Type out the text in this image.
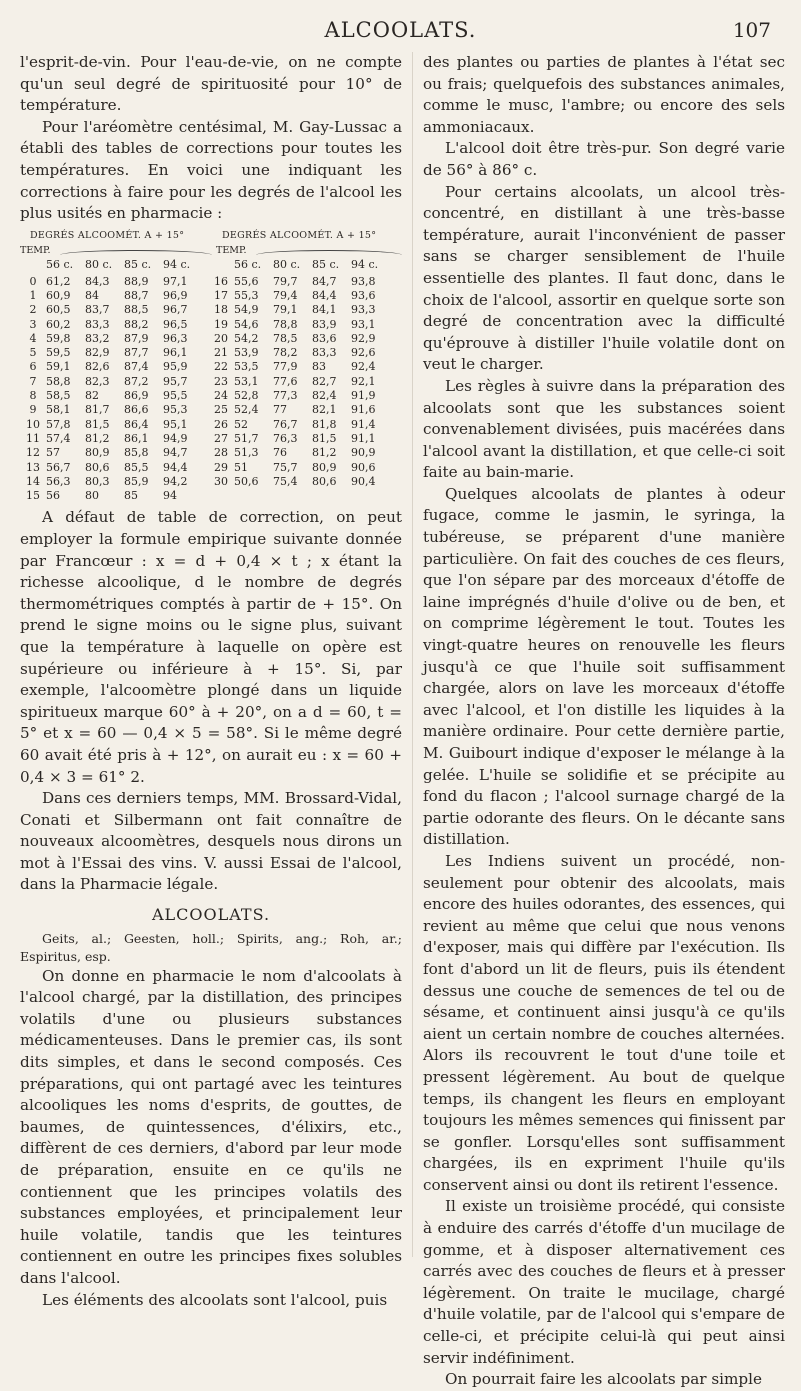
ALCOOLATS.	107

l'esprit-de-vin. Pour l'eau-de-vie, on ne compte qu'un seul degré de spirituosité pour 10° de température.

Pour l'aréomètre centésimal, M. Gay-Lussac a établi des tables de corrections pour toutes les températures. En voici une indiquant les corrections à faire pour les degrés de l'alcool les plus usités en pharmacie :

DEGRÉS ALCOOMÉT. A + 15°	DEGRÉS ALCOOMÉT. A + 15°
TEMP.	TEMP.
	56 c.	80 c.	85 c.	94 c.			56 c.	80 c.	85 c.	94 c.
0	61,2	84,3	88,9	97,1		16	55,6	79,7	84,7	93,8
1	60,9	84	88,7	96,9		17	55,3	79,4	84,4	93,6
2	60,5	83,7	88,5	96,7		18	54,9	79,1	84,1	93,3
3	60,2	83,3	88,2	96,5		19	54,6	78,8	83,9	93,1
4	59,8	83,2	87,9	96,3		20	54,2	78,5	83,6	92,9
5	59,5	82,9	87,7	96,1		21	53,9	78,2	83,3	92,6
6	59,1	82,6	87,4	95,9		22	53,5	77,9	83	92,4
7	58,8	82,3	87,2	95,7		23	53,1	77,6	82,7	92,1
8	58,5	82	86,9	95,5		24	52,8	77,3	82,4	91,9
9	58,1	81,7	86,6	95,3		25	52,4	77	82,1	91,6
10	57,8	81,5	86,4	95,1		26	52	76,7	81,8	91,4
11	57,4	81,2	86,1	94,9		27	51,7	76,3	81,5	91,1
12	57	80,9	85,8	94,7		28	51,3	76	81,2	90,9
13	56,7	80,6	85,5	94,4		29	51	75,7	80,9	90,6
14	56,3	80,3	85,9	94,2		30	50,6	75,4	80,6	90,4
15	56	80	85	94						

A défaut de table de correction, on peut employer la formule empirique suivante donnée par Francœur : x = d + 0,4 × t ; x étant la richesse alcoolique, d le nombre de degrés thermométriques comptés à partir de + 15°. On prend le signe moins ou le signe plus, suivant que la température à laquelle on opère est supérieure ou inférieure à + 15°. Si, par exemple, l'alcoomètre plongé dans un liquide spiritueux marque 60° à + 20°, on a d = 60, t = 5° et x = 60 — 0,4 × 5 = 58°. Si le même degré 60 avait été pris à + 12°, on aurait eu : x = 60 + 0,4 × 3 = 61° 2.

Dans ces derniers temps, MM. Brossard-Vidal, Conati et Silbermann ont fait connaître de nouveaux alcoomètres, desquels nous dirons un mot à l'Essai des vins. V. aussi Essai de l'alcool, dans la Pharmacie légale.

ALCOOLATS.
Geits, al.; Geesten, holl.; Spirits, ang.; Roh, ar.; Espiritus, esp.

On donne en pharmacie le nom d'alcoolats à l'alcool chargé, par la distillation, des principes volatils d'une ou plusieurs substances médicamenteuses. Dans le premier cas, ils sont dits simples, et dans le second composés. Ces préparations, qui ont partagé avec les teintures alcooliques les noms d'esprits, de gouttes, de baumes, de quintessences, d'élixirs, etc., diffèrent de ces derniers, d'abord par leur mode de préparation, ensuite en ce qu'ils ne contiennent que les principes volatils des substances employées, et principalement leur huile volatile, tandis que les teintures contiennent en outre les principes fixes solubles dans l'alcool.

Les éléments des alcoolats sont l'alcool, puis

des plantes ou parties de plantes à l'état sec ou frais; quelquefois des substances animales, comme le musc, l'ambre; ou encore des sels ammoniacaux.

L'alcool doit être très-pur. Son degré varie de 56° à 86° c.

Pour certains alcoolats, un alcool très-concentré, en distillant à une très-basse température, aurait l'inconvénient de passer sans se charger sensiblement de l'huile essentielle des plantes. Il faut donc, dans le choix de l'alcool, assortir en quelque sorte son degré de concentration avec la difficulté qu'éprouve à distiller l'huile volatile dont on veut le charger.

Les règles à suivre dans la préparation des alcoolats sont que les substances soient convenablement divisées, puis macérées dans l'alcool avant la distillation, et que celle-ci soit faite au bain-marie.

Quelques alcoolats de plantes à odeur fugace, comme le jasmin, le syringa, la tubéreuse, se préparent d'une manière particulière. On fait des couches de ces fleurs, que l'on sépare par des morceaux d'étoffe de laine imprégnés d'huile d'olive ou de ben, et on comprime légèrement le tout. Toutes les vingt-quatre heures on renouvelle les fleurs jusqu'à ce que l'huile soit suffisamment chargée, alors on lave les morceaux d'étoffe avec l'alcool, et l'on distille les liquides à la manière ordinaire. Pour cette dernière partie, M. Guibourt indique d'exposer le mélange à la gelée. L'huile se solidifie et se précipite au fond du flacon ; l'alcool surnage chargé de la partie odorante des fleurs. On le décante sans distillation.

Les Indiens suivent un procédé, non-seulement pour obtenir des alcoolats, mais encore des huiles odorantes, des essences, qui revient au même que celui que nous venons d'exposer, mais qui diffère par l'exécution. Ils font d'abord un lit de fleurs, puis ils étendent dessus une couche de semences de tel ou de sésame, et continuent ainsi jusqu'à ce qu'ils aient un certain nombre de couches alternées. Alors ils recouvrent le tout d'une toile et pressent légèrement. Au bout de quelque temps, ils changent les fleurs en employant toujours les mêmes semences qui finissent par se gonfler. Lorsqu'elles sont suffisamment chargées, ils en expriment l'huile qu'ils conservent ainsi ou dont ils retirent l'essence.

Il existe un troisième procédé, qui consiste à enduire des carrés d'étoffe d'un mucilage de gomme, et à disposer alternativement ces carrés avec des couches de fleurs et à presser légèrement. On traite le mucilage, chargé d'huile volatile, par de l'alcool qui s'empare de celle-ci, et précipite celui-là qui peut ainsi servir indéfiniment.

On pourrait faire les alcoolats par simple
